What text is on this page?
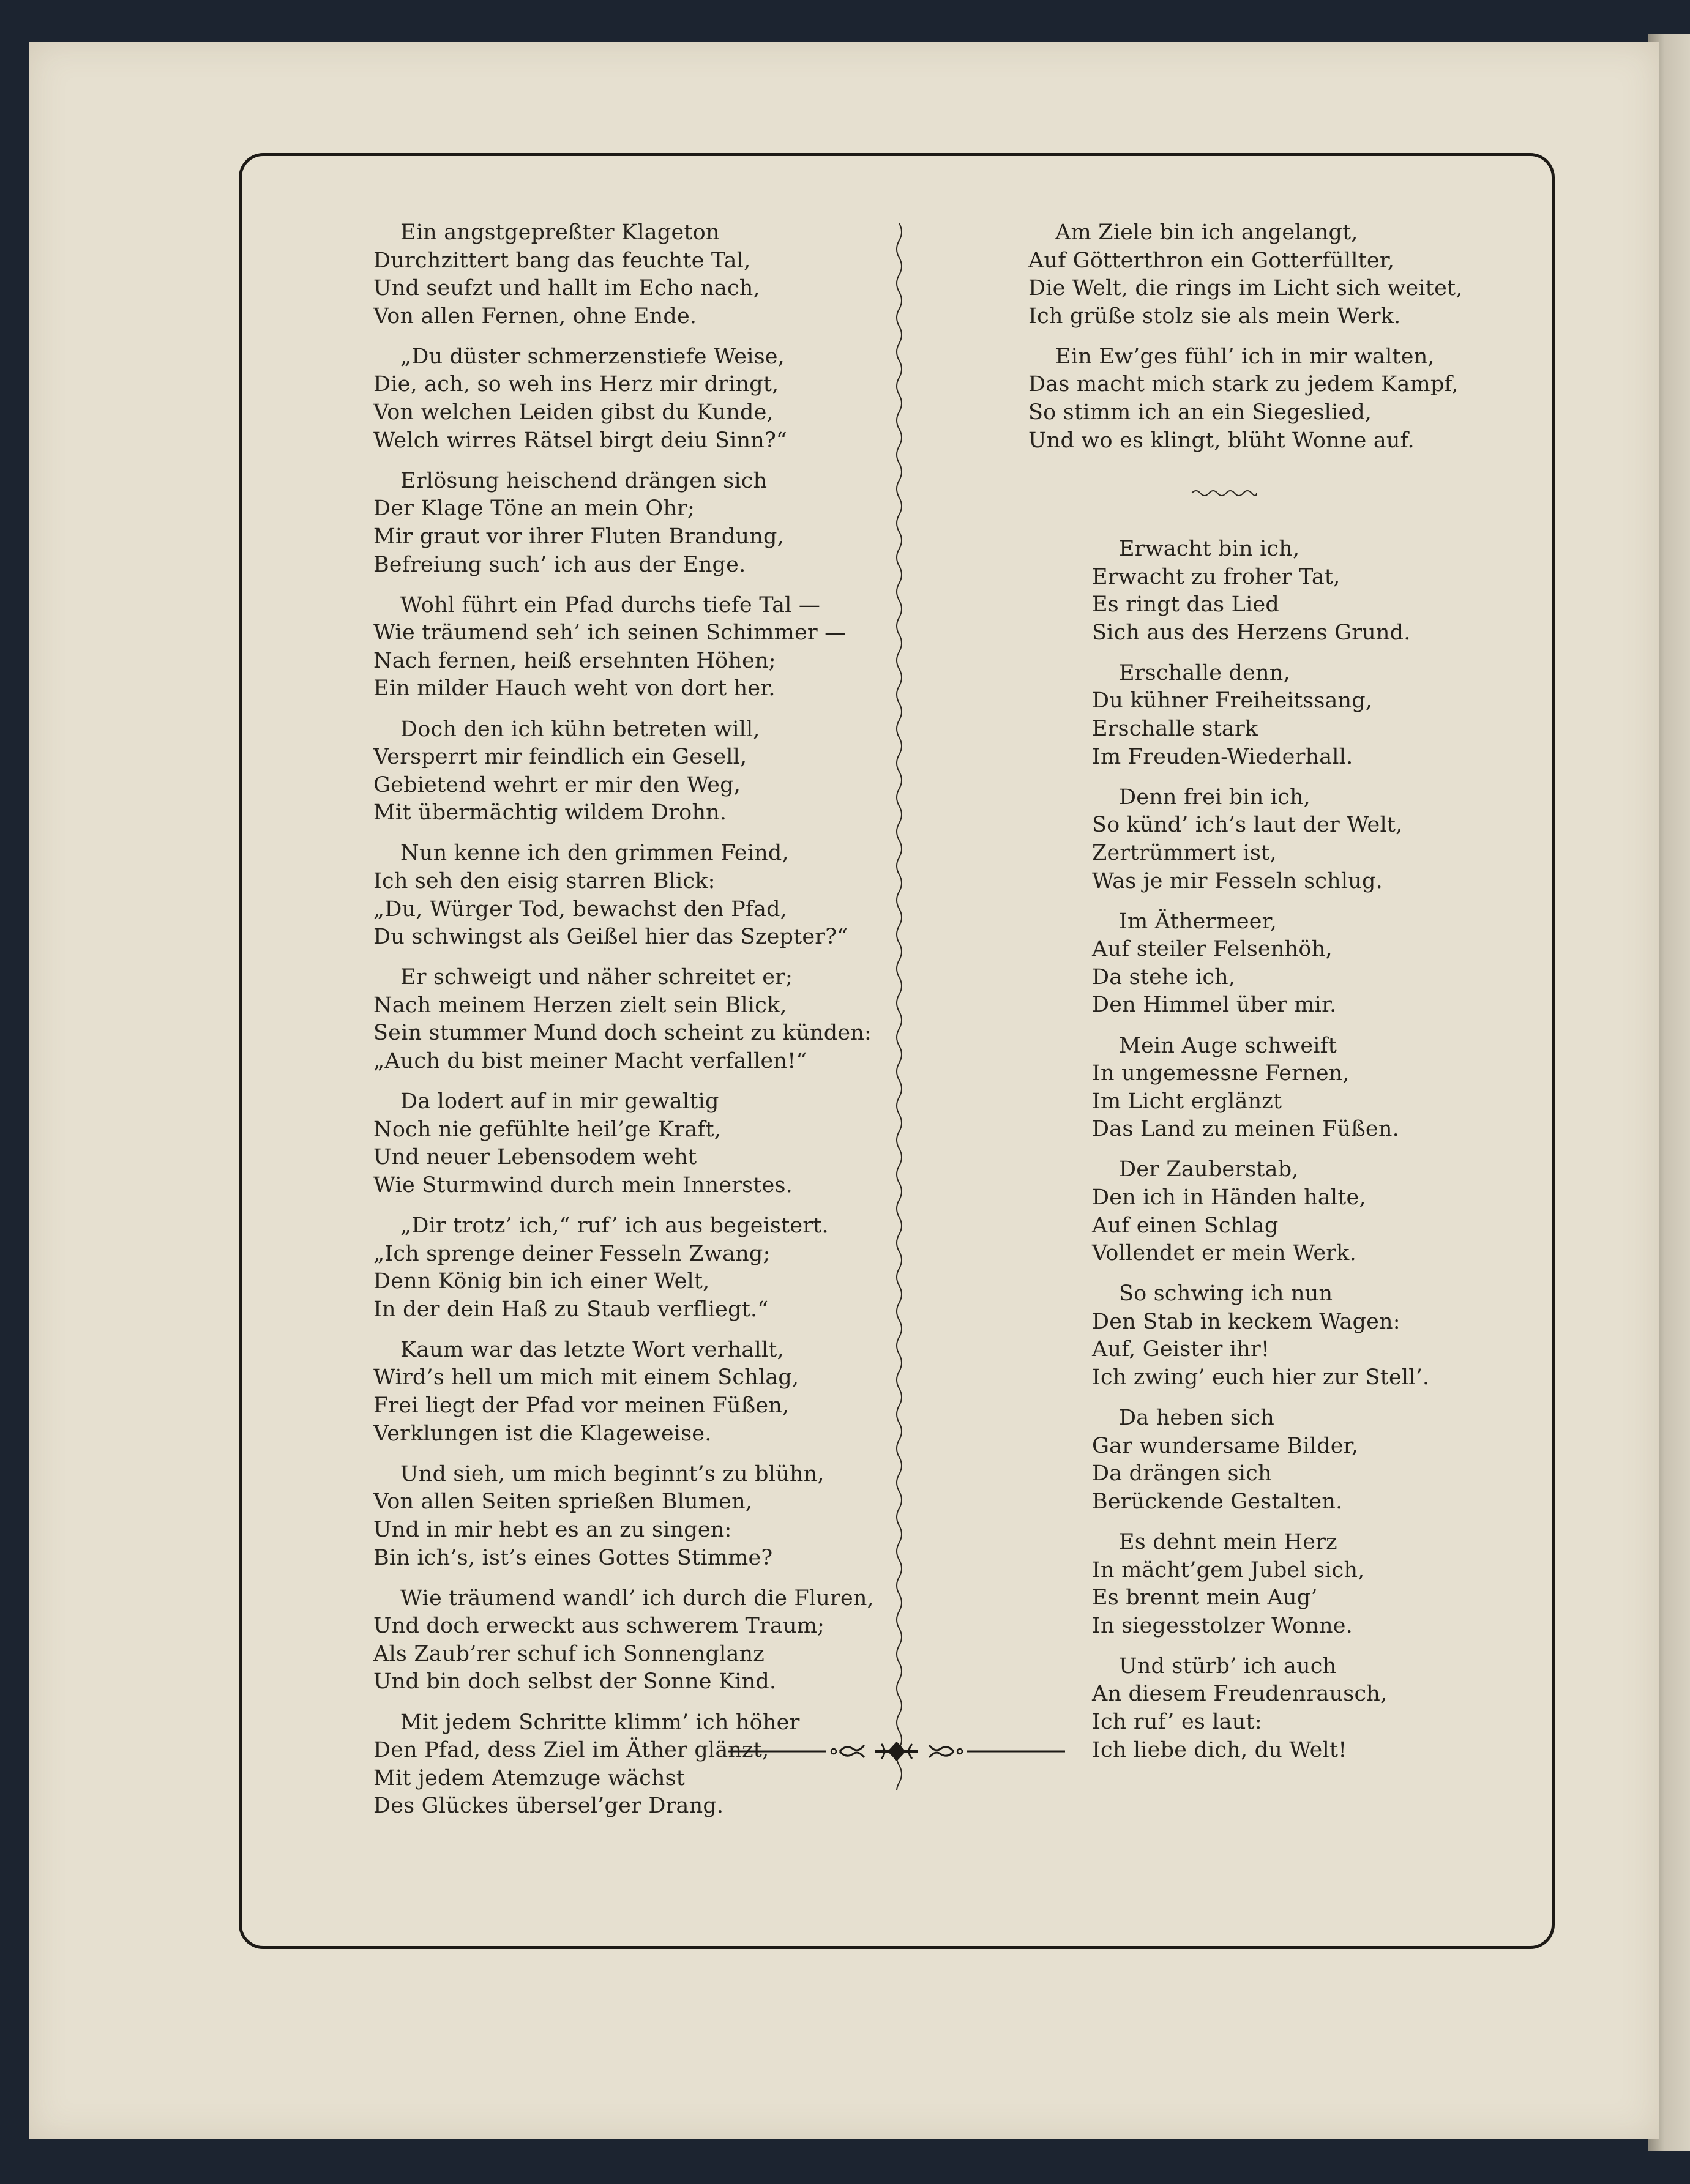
Ein angstgepreßter Klageton
Durchzittert bang das feuchte Tal,
Und seufzt und hallt im Echo nach,
Von allen Fernen, ohne Ende.
„Du düster schmerzenstiefe Weise,
Die, ach, so weh ins Herz mir dringt,
Von welchen Leiden gibst du Kunde,
Welch wirres Rätsel birgt deiu Sinn?“
Erlösung heischend drängen sich
Der Klage Töne an mein Ohr;
Mir graut vor ihrer Fluten Brandung,
Befreiung such’ ich aus der Enge.
Wohl führt ein Pfad durchs tiefe Tal —
Wie träumend seh’ ich seinen Schimmer —
Nach fernen, heiß ersehnten Höhen;
Ein milder Hauch weht von dort her.
Doch den ich kühn betreten will,
Versperrt mir feindlich ein Gesell,
Gebietend wehrt er mir den Weg,
Mit übermächtig wildem Drohn.
Nun kenne ich den grimmen Feind,
Ich seh den eisig starren Blick:
„Du, Würger Tod, bewachst den Pfad,
Du schwingst als Geißel hier das Szepter?“
Er schweigt und näher schreitet er;
Nach meinem Herzen zielt sein Blick,
Sein stummer Mund doch scheint zu künden:
„Auch du bist meiner Macht verfallen!“
Da lodert auf in mir gewaltig
Noch nie gefühlte heil’ge Kraft,
Und neuer Lebensodem weht
Wie Sturmwind durch mein Innerstes.
„Dir trotz’ ich,“ ruf’ ich aus begeistert.
„Ich sprenge deiner Fesseln Zwang;
Denn König bin ich einer Welt,
In der dein Haß zu Staub verfliegt.“
Kaum war das letzte Wort verhallt,
Wird’s hell um mich mit einem Schlag,
Frei liegt der Pfad vor meinen Füßen,
Verklungen ist die Klageweise.
Und sieh, um mich beginnt’s zu blühn,
Von allen Seiten sprießen Blumen,
Und in mir hebt es an zu singen:
Bin ich’s, ist’s eines Gottes Stimme?
Wie träumend wandl’ ich durch die Fluren,
Und doch erweckt aus schwerem Traum;
Als Zaub’rer schuf ich Sonnenglanz
Und bin doch selbst der Sonne Kind.
Mit jedem Schritte klimm’ ich höher
Den Pfad, dess Ziel im Äther glänzt,
Mit jedem Atemzuge wächst
Des Glückes übersel’ger Drang.
Am Ziele bin ich angelangt,
Auf Götterthron ein Gotterfüllter,
Die Welt, die rings im Licht sich weitet,
Ich grüße stolz sie als mein Werk.
Ein Ew’ges fühl’ ich in mir walten,
Das macht mich stark zu jedem Kampf,
So stimm ich an ein Siegeslied,
Und wo es klingt, blüht Wonne auf.
Erwacht bin ich,
Erwacht zu froher Tat,
Es ringt das Lied
Sich aus des Herzens Grund.
Erschalle denn,
Du kühner Freiheitssang,
Erschalle stark
Im Freuden-Wiederhall.
Denn frei bin ich,
So künd’ ich’s laut der Welt,
Zertrümmert ist,
Was je mir Fesseln schlug.
Im Äthermeer,
Auf steiler Felsenhöh,
Da stehe ich,
Den Himmel über mir.
Mein Auge schweift
In ungemessne Fernen,
Im Licht erglänzt
Das Land zu meinen Füßen.
Der Zauberstab,
Den ich in Händen halte,
Auf einen Schlag
Vollendet er mein Werk.
So schwing ich nun
Den Stab in keckem Wagen:
Auf, Geister ihr!
Ich zwing’ euch hier zur Stell’.
Da heben sich
Gar wundersame Bilder,
Da drängen sich
Berückende Gestalten.
Es dehnt mein Herz
In mächt’gem Jubel sich,
Es brennt mein Aug’
In siegesstolzer Wonne.
Und stürb’ ich auch
An diesem Freudenrausch,
Ich ruf’ es laut:
Ich liebe dich, du Welt!
